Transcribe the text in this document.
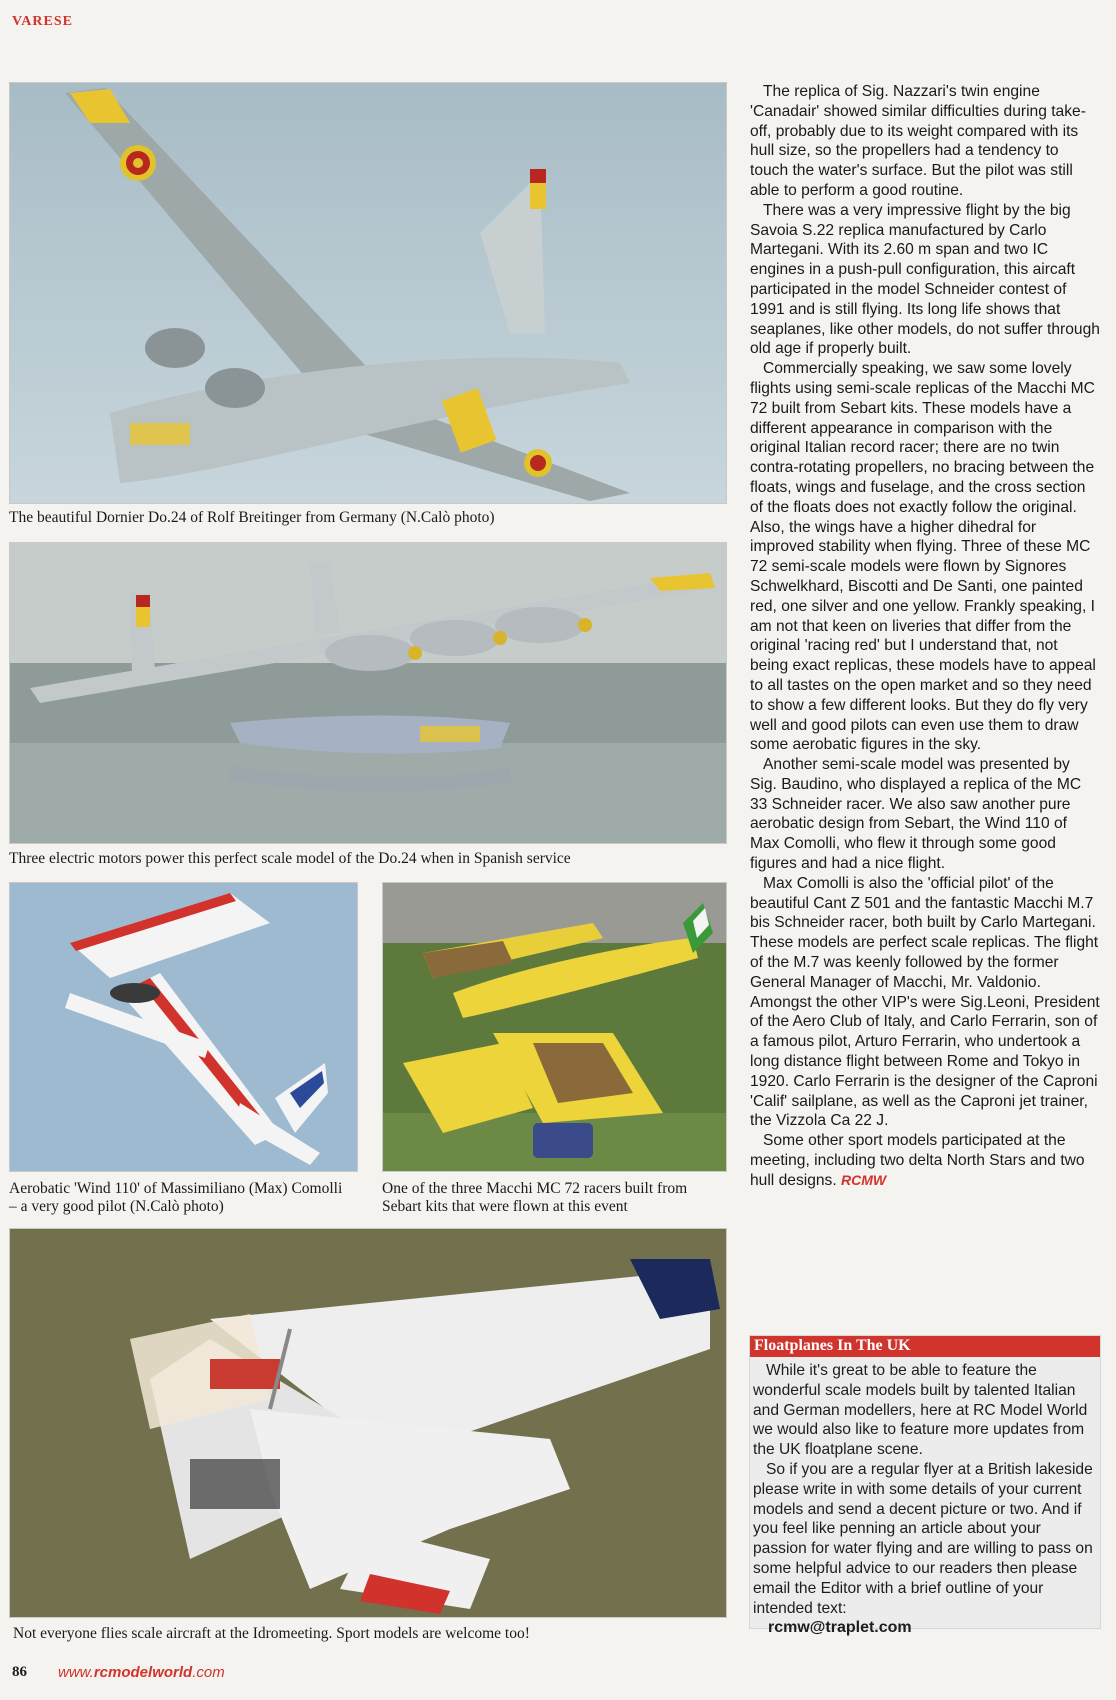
VARESE
The beautiful Dornier Do.24 of Rolf Breitinger from Germany (N.Calò photo)
Three electric motors power this perfect scale model of the Do.24 when in Spanish service
Aerobatic 'Wind 110' of Massimiliano (Max) Comolli – a very good pilot (N.Calò photo)
One of the three Macchi MC 72 racers built from Sebart kits that were flown at this event
Not everyone flies scale aircraft at the Idromeeting. Sport models are welcome too!

The replica of Sig. Nazzari's twin engine 'Canadair' showed similar difficulties during take-off, probably due to its weight compared with its hull size, so the propellers had a tendency to touch the water's surface. But the pilot was still able to perform a good routine.

There was a very impressive flight by the big Savoia S.22 replica manufactured by Carlo Martegani. With its 2.60 m span and two IC engines in a push-pull configuration, this aircaft participated in the model Schneider contest of 1991 and is still flying. Its long life shows that seaplanes, like other models, do not suffer through old age if properly built.

Commercially speaking, we saw some lovely flights using semi-scale replicas of the Macchi MC 72 built from Sebart kits. These models have a different appearance in comparison with the original Italian record racer; there are no twin contra-rotating propellers, no bracing between the floats, wings and fuselage, and the cross section of the floats does not exactly follow the original. Also, the wings have a higher dihedral for improved stability when flying. Three of these MC 72 semi-scale models were flown by Signores Schwelkhard, Biscotti and De Santi, one painted red, one silver and one yellow. Frankly speaking, I am not that keen on liveries that differ from the original 'racing red' but I understand that, not being exact replicas, these models have to appeal to all tastes on the open market and so they need to show a few different looks. But they do fly very well and good pilots can even use them to draw some aerobatic figures in the sky.

Another semi-scale model was presented by Sig. Baudino, who displayed a replica of the MC 33 Schneider racer. We also saw another pure aerobatic design from Sebart, the Wind 110 of Max Comolli, who flew it through some good figures and had a nice flight.

Max Comolli is also the 'official pilot' of the beautiful Cant Z 501 and the fantastic Macchi M.7 bis Schneider racer, both built by Carlo Martegani. These models are perfect scale replicas. The flight of the M.7 was keenly followed by the former General Manager of Macchi, Mr. Valdonio. Amongst the other VIP's were Sig.Leoni, President of the Aero Club of Italy, and Carlo Ferrarin, son of a famous pilot, Arturo Ferrarin, who undertook a long distance flight between Rome and Tokyo in 1920. Carlo Ferrarin is the designer of the Caproni 'Calif' sailplane, as well as the Caproni jet trainer, the Vizzola Ca 22 J.

Some other sport models participated at the meeting, including two delta North Stars and two hull designs. RCMW

Floatplanes In The UK

While it's great to be able to feature the wonderful scale models built by talented Italian and German modellers, here at RC Model World we would also like to feature more updates from the UK floatplane scene.

So if you are a regular flyer at a British lakeside please write in with some details of your current models and send a decent picture or two. And if you feel like penning an article about your passion for water flying and are willing to pass on some helpful advice to our readers then please email the Editor with a brief outline of your intended text:

rcmw@traplet.com
86 www.rcmodelworld.com
